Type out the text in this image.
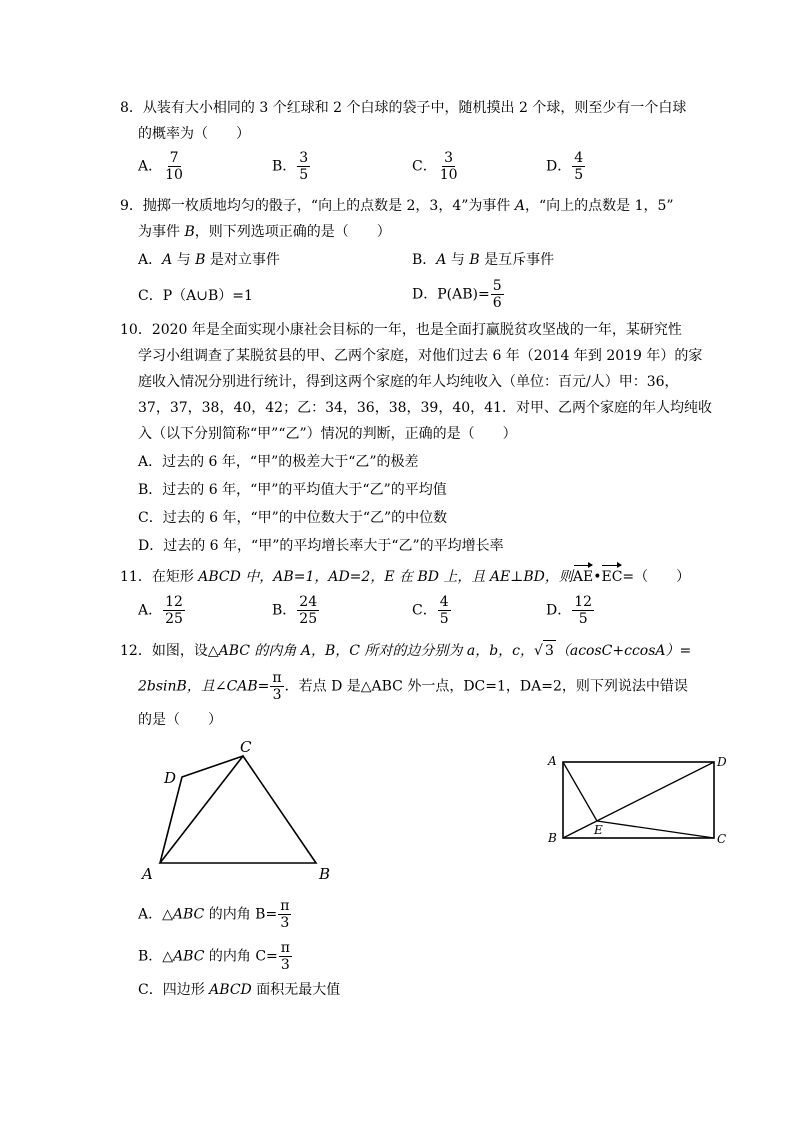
8．从装有大小相同的 3 个红球和 2 个白球的袋子中，随机摸出 2 个球，则至少有一个白球
的概率为（　　）
A． $\frac{7}{10}$	B． $\frac{3}{5}$	C． $\frac{3}{10}$	D． $\frac{4}{5}$
9．抛掷一枚质地均匀的骰子，“向上的点数是 2，3，4”为事件 A，“向上的点数是 1，5”
为事件 B，则下列选项正确的是（　　）
A．A 与 B 是对立事件	B．A 与 B 是互斥事件
C．P（A∪B）=1	D．$P(AB)= \frac{5}{6}$
10．2020 年是全面实现小康社会目标的一年，也是全面打赢脱贫攻坚战的一年，某研究性
学习小组调查了某脱贫县的甲、乙两个家庭，对他们过去 6 年（2014 年到 2019 年）的家
庭收入情况分别进行统计，得到这两个家庭的年人均纯收入（单位：百元/人）甲：36，
37，37，38，40，42；乙：34，36，38，39，40，41．对甲、乙两个家庭的年人均纯收
入（以下分别简称“甲”“乙”）情况的判断，正确的是（　　）
A．过去的 6 年，“甲”的极差大于“乙”的极差
B．过去的 6 年，“甲”的平均值大于“乙”的平均值
C．过去的 6 年，“甲”的中位数大于“乙”的中位数
D．过去的 6 年，“甲”的平均增长率大于“乙”的平均增长率
11．在矩形 ABCD 中，AB=1，AD=2，E 在 BD 上，且 AE⊥BD，则AE•EC=（　　）
A． $\frac{12}{25}$	B． $\frac{24}{25}$	C． $\frac{4}{5}$	D． $\frac{12}{5}$
12．如图，设△ABC 的内角 A，B，C 所对的边分别为 a，b，c，√ 3 （acosC+ccosA）=
2bsinB，且∠CAB= $\frac{\pi}{3}$ ．若点 D 是△ABC 外一点，DC=1，DA=2，则下列说法中错误
的是（　　）
A	B
C
D
A
B	C
D
E
A．△ABC 的内角 $B= \frac{\pi}{3}$
B．△ABC 的内角 $C= \frac{\pi}{3}$
C．四边形 ABCD 面积无最大值
